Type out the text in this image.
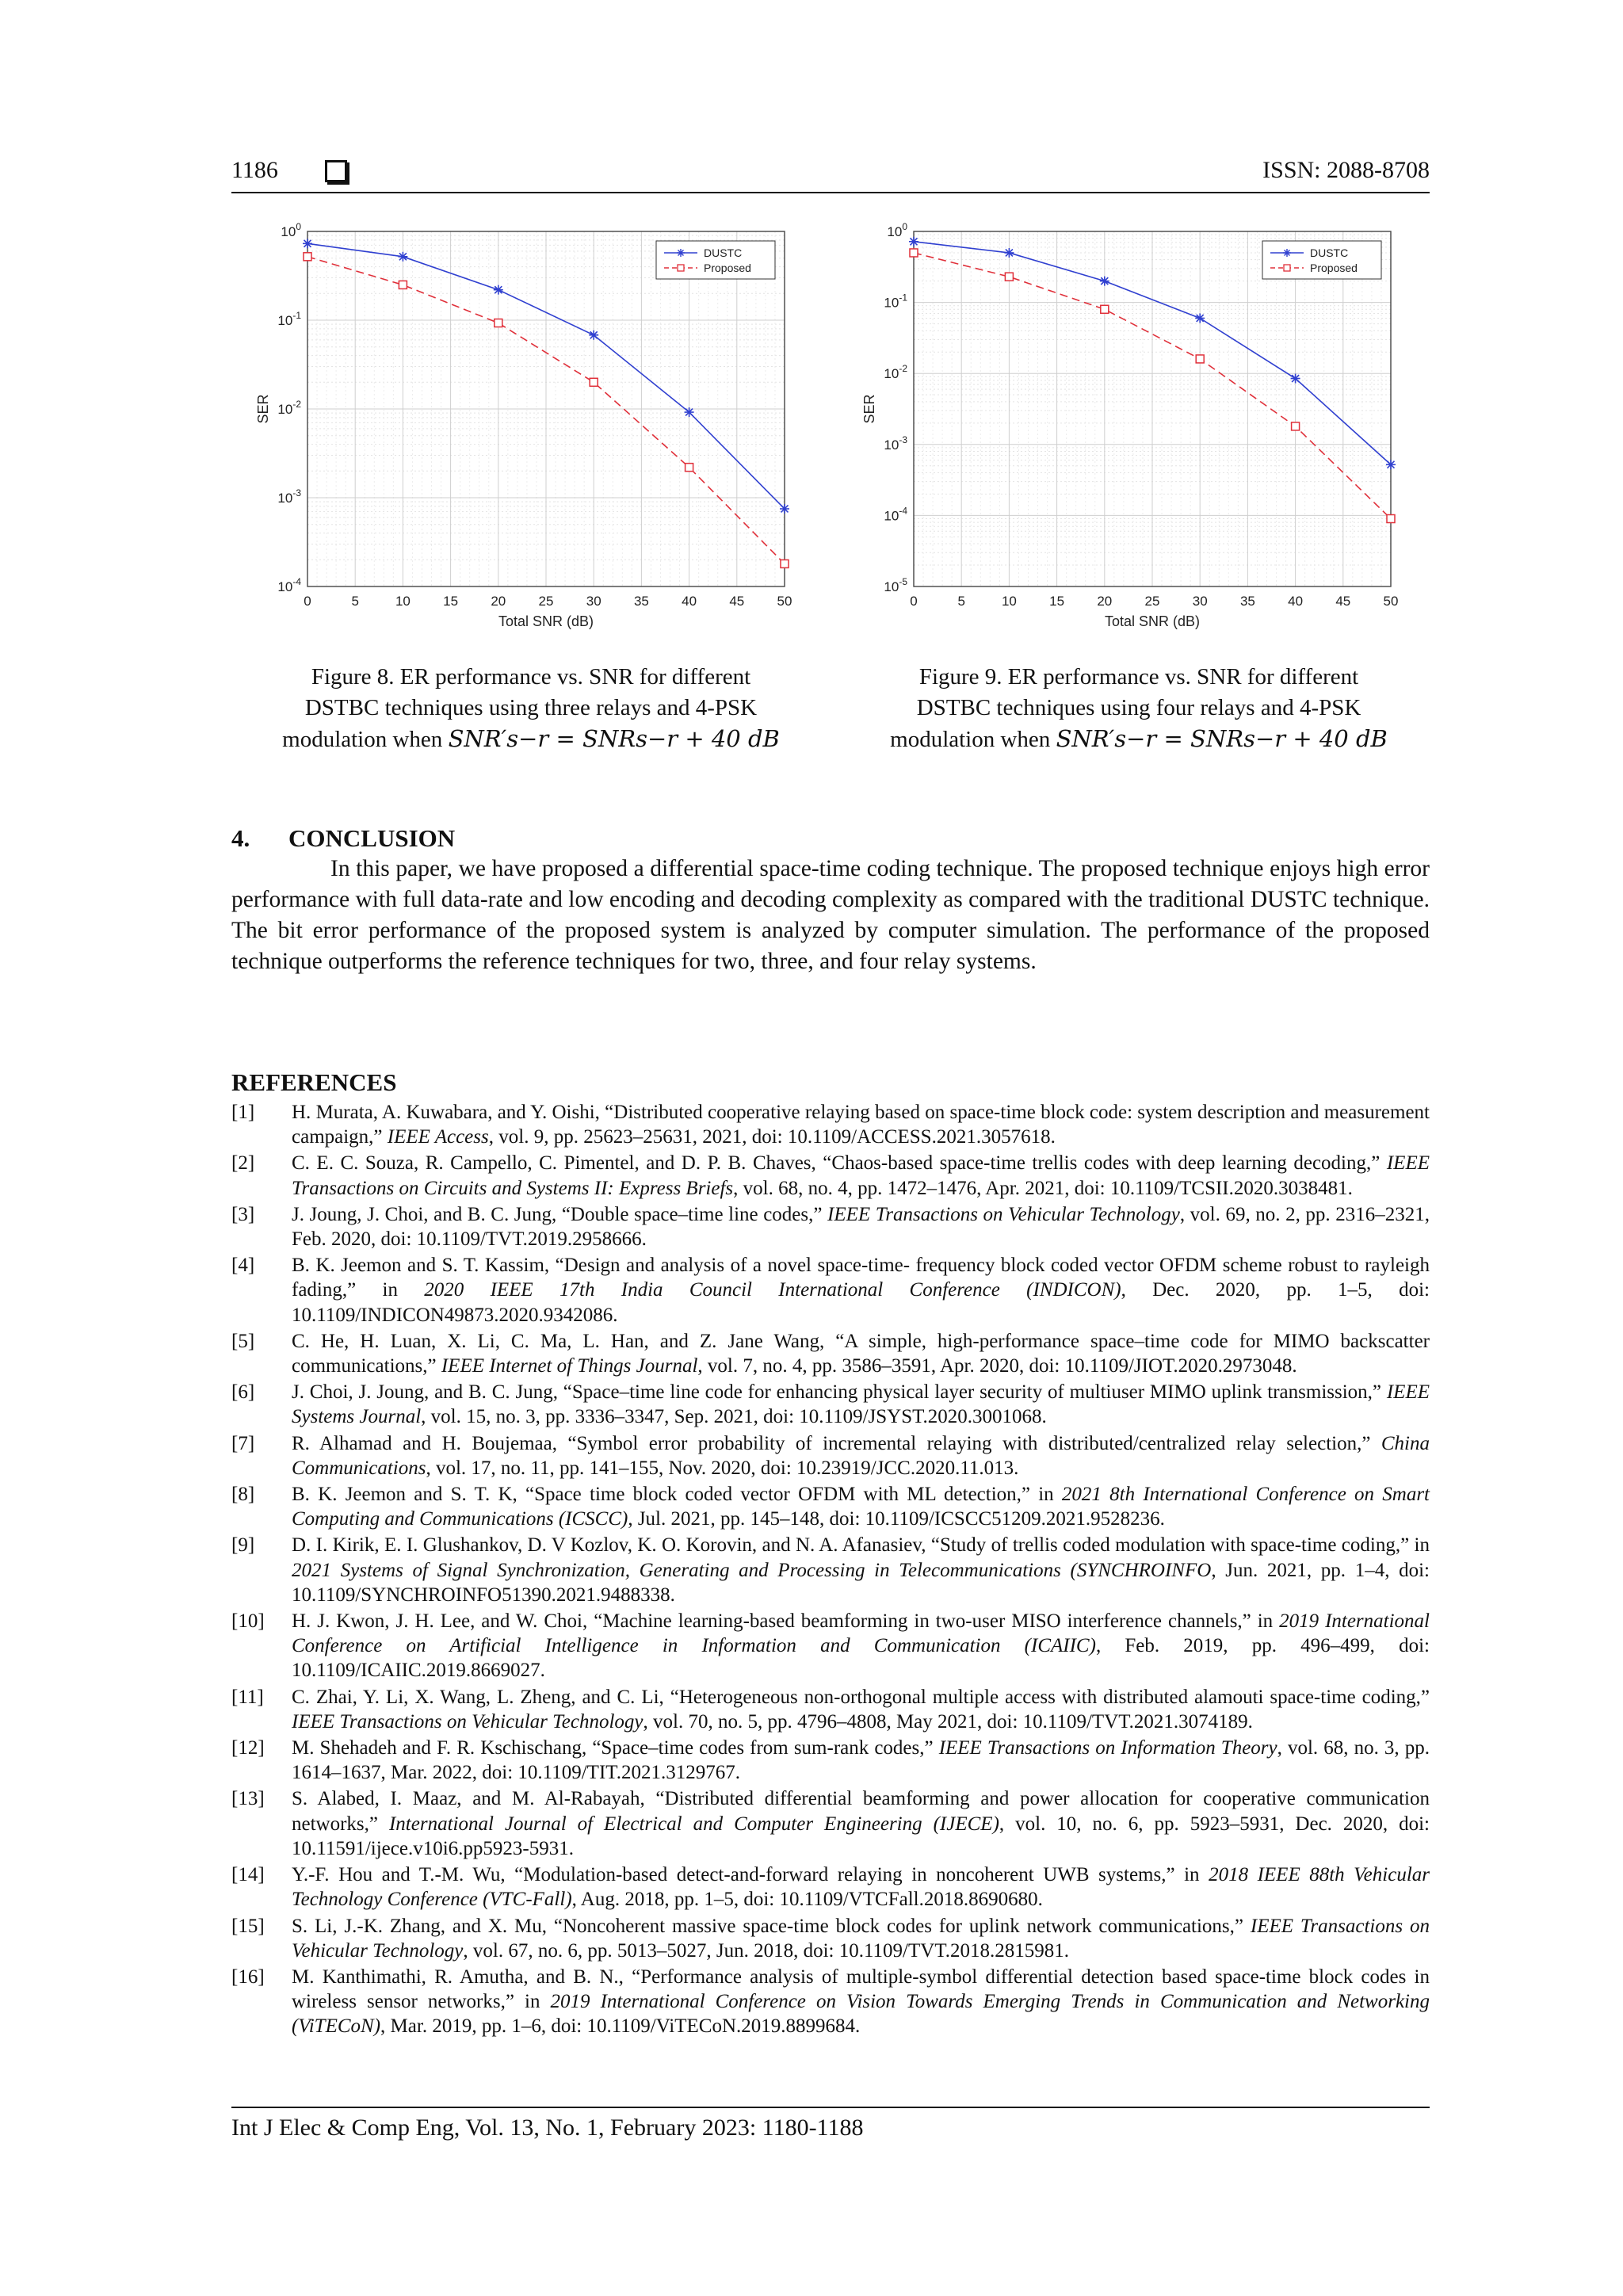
1186	ISSN: 2088-8708
0	5	10 15 20 25 30 35 40 45 50
$10^0$
$10^{-1}$
$10^{-2}$
$10^{-3}$
$10^{-4}$
Total SNR (dB)
SER
DUSTC
Proposed
Figure 8. ER performance vs. SNR for different
DSTBC techniques using three relays and 4-PSK
modulation when SNR′s−r = SNRs−r + 40 dB
0	5	10 15 20 25 30 35 40 45 50
$10^0$
$10^{-1}$
$10^{-2}$
$10^{-3}$
$10^{-4}$
$10^{-5}$
Total SNR (dB)
SER
DUSTC
Proposed
Figure 9. ER performance vs. SNR for different
DSTBC techniques using four relays and 4-PSK
modulation when SNR′s−r = SNRs−r + 40 dB
4. CONCLUSION

In this paper, we have proposed a differential space-time coding technique. The proposed technique enjoys high error performance with full data-rate and low encoding and decoding complexity as compared with the traditional DUSTC technique. The bit error performance of the proposed system is analyzed by computer simulation. The performance of the proposed technique outperforms the reference techniques for two, three, and four relay systems.

REFERENCES
[1]	H. Murata, A. Kuwabara, and Y. Oishi, “Distributed cooperative relaying based on space-time block code: system description and measurement campaign,” IEEE Access, vol. 9, pp. 25623–25631, 2021, doi: 10.1109/ACCESS.2021.3057618.
[2]	C. E. C. Souza, R. Campello, C. Pimentel, and D. P. B. Chaves, “Chaos-based space-time trellis codes with deep learning decoding,” IEEE Transactions on Circuits and Systems II: Express Briefs, vol. 68, no. 4, pp. 1472–1476, Apr. 2021, doi: 10.1109/TCSII.2020.3038481.
[3]	J. Joung, J. Choi, and B. C. Jung, “Double space–time line codes,” IEEE Transactions on Vehicular Technology, vol. 69, no. 2, pp. 2316–2321, Feb. 2020, doi: 10.1109/TVT.2019.2958666.
[4]	B. K. Jeemon and S. T. Kassim, “Design and analysis of a novel space-time- frequency block coded vector OFDM scheme robust to rayleigh fading,” in 2020 IEEE 17th India Council International Conference (INDICON), Dec. 2020, pp. 1–5, doi: 10.1109/INDICON49873.2020.9342086.
[5]	C. He, H. Luan, X. Li, C. Ma, L. Han, and Z. Jane Wang, “A simple, high-performance space–time code for MIMO backscatter communications,” IEEE Internet of Things Journal, vol. 7, no. 4, pp. 3586–3591, Apr. 2020, doi: 10.1109/JIOT.2020.2973048.
[6]	J. Choi, J. Joung, and B. C. Jung, “Space–time line code for enhancing physical layer security of multiuser MIMO uplink transmission,” IEEE Systems Journal, vol. 15, no. 3, pp. 3336–3347, Sep. 2021, doi: 10.1109/JSYST.2020.3001068.
[7]	R. Alhamad and H. Boujemaa, “Symbol error probability of incremental relaying with distributed/centralized relay selection,” China Communications, vol. 17, no. 11, pp. 141–155, Nov. 2020, doi: 10.23919/JCC.2020.11.013.
[8]	B. K. Jeemon and S. T. K, “Space time block coded vector OFDM with ML detection,” in 2021 8th International Conference on Smart Computing and Communications (ICSCC), Jul. 2021, pp. 145–148, doi: 10.1109/ICSCC51209.2021.9528236.
[9]	D. I. Kirik, E. I. Glushankov, D. V Kozlov, K. O. Korovin, and N. A. Afanasiev, “Study of trellis coded modulation with space-time coding,” in 2021 Systems of Signal Synchronization, Generating and Processing in Telecommunications (SYNCHROINFO, Jun. 2021, pp. 1–4, doi: 10.1109/SYNCHROINFO51390.2021.9488338.
[10]	H. J. Kwon, J. H. Lee, and W. Choi, “Machine learning-based beamforming in two-user MISO interference channels,” in 2019 International Conference on Artificial Intelligence in Information and Communication (ICAIIC), Feb. 2019, pp. 496–499, doi: 10.1109/ICAIIC.2019.8669027.
[11]	C. Zhai, Y. Li, X. Wang, L. Zheng, and C. Li, “Heterogeneous non-orthogonal multiple access with distributed alamouti space-time coding,” IEEE Transactions on Vehicular Technology, vol. 70, no. 5, pp. 4796–4808, May 2021, doi: 10.1109/TVT.2021.3074189.
[12]	M. Shehadeh and F. R. Kschischang, “Space–time codes from sum-rank codes,” IEEE Transactions on Information Theory, vol. 68, no. 3, pp. 1614–1637, Mar. 2022, doi: 10.1109/TIT.2021.3129767.
[13]	S. Alabed, I. Maaz, and M. Al-Rabayah, “Distributed differential beamforming and power allocation for cooperative communication networks,” International Journal of Electrical and Computer Engineering (IJECE), vol. 10, no. 6, pp. 5923–5931, Dec. 2020, doi: 10.11591/ijece.v10i6.pp5923-5931.
[14]	Y.-F. Hou and T.-M. Wu, “Modulation-based detect-and-forward relaying in noncoherent UWB systems,” in 2018 IEEE 88th Vehicular Technology Conference (VTC-Fall), Aug. 2018, pp. 1–5, doi: 10.1109/VTCFall.2018.8690680.
[15]	S. Li, J.-K. Zhang, and X. Mu, “Noncoherent massive space-time block codes for uplink network communications,” IEEE Transactions on Vehicular Technology, vol. 67, no. 6, pp. 5013–5027, Jun. 2018, doi: 10.1109/TVT.2018.2815981.
[16]	M. Kanthimathi, R. Amutha, and B. N., “Performance analysis of multiple-symbol differential detection based space-time block codes in wireless sensor networks,” in 2019 International Conference on Vision Towards Emerging Trends in Communication and Networking (ViTECoN), Mar. 2019, pp. 1–6, doi: 10.1109/ViTECoN.2019.8899684.
Int J Elec & Comp Eng, Vol. 13, No. 1, February 2023: 1180-1188
